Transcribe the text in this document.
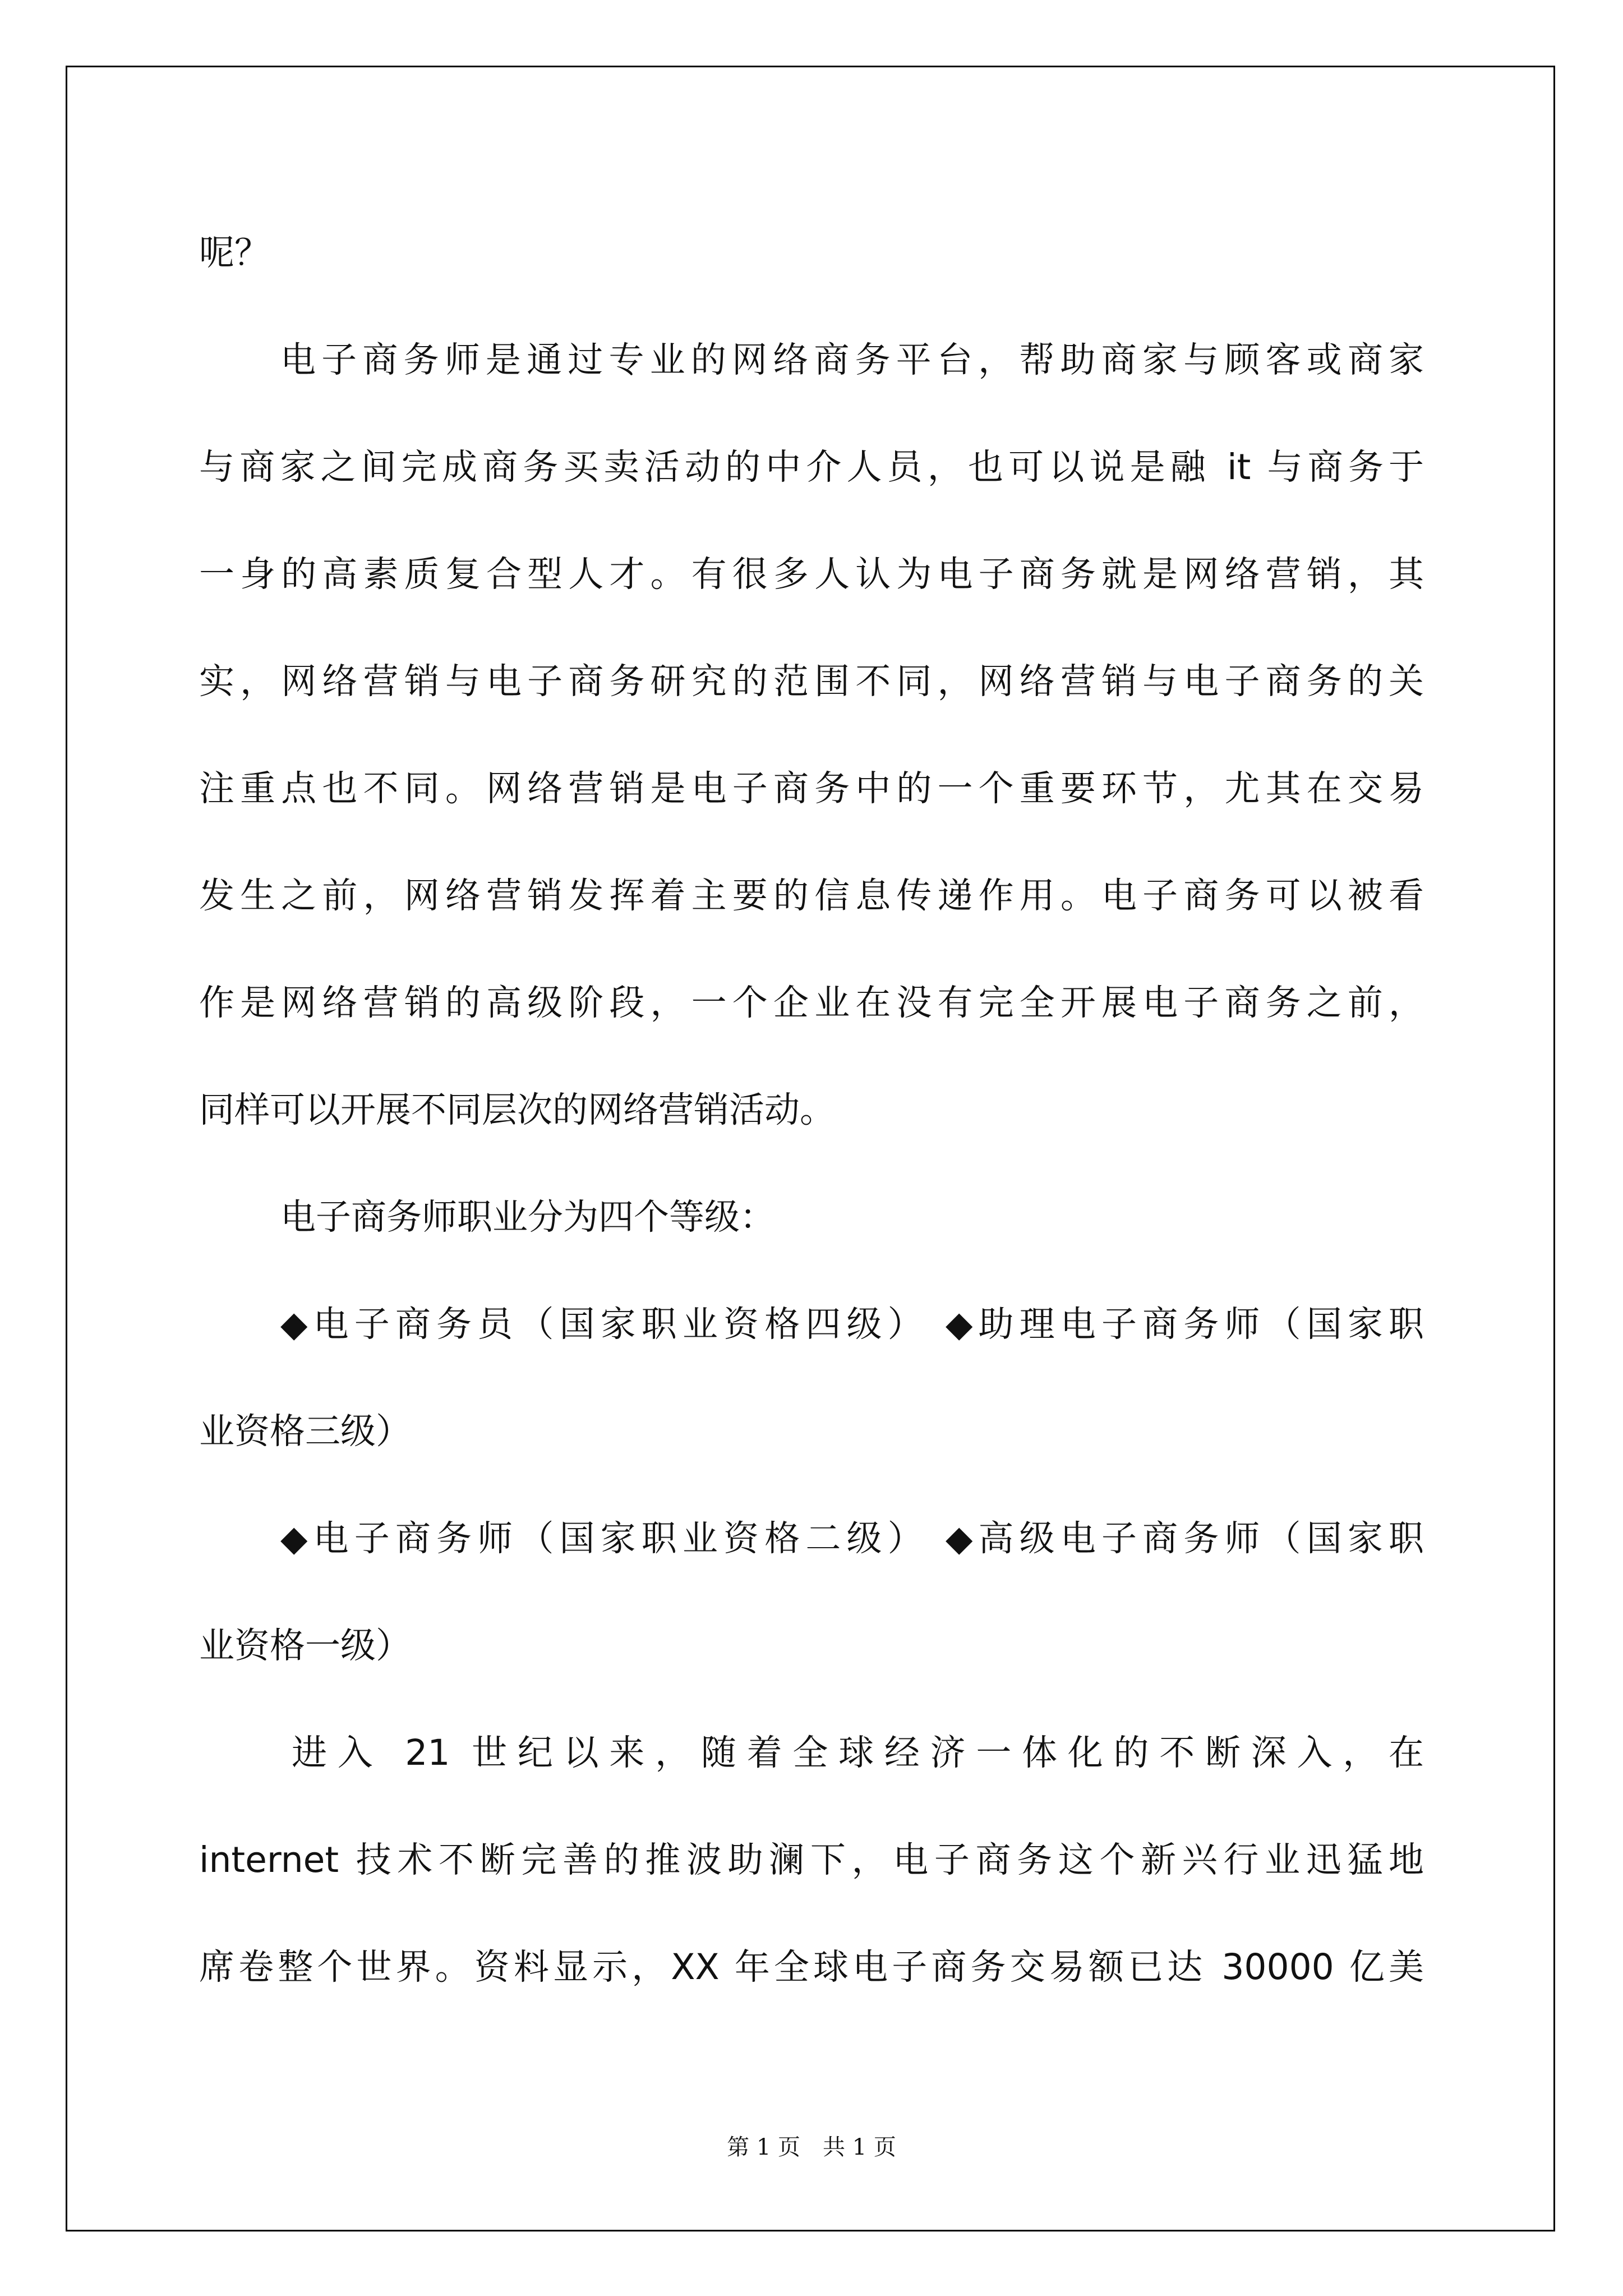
呢？
电子商务师是通过专业的网络商务平台，帮助商家与顾客或商家
与商家之间完成商务买卖活动的中介人员，也可以说是融 it 与商务于
一身的高素质复合型人才。有很多人认为电子商务就是网络营销，其
实，网络营销与电子商务研究的范围不同，网络营销与电子商务的关
注重点也不同。网络营销是电子商务中的一个重要环节，尤其在交易
发生之前，网络营销发挥着主要的信息传递作用。电子商务可以被看
作是网络营销的高级阶段，一个企业在没有完全开展电子商务之前，
同样可以开展不同层次的网络营销活动。
电子商务师职业分为四个等级：
◆电子商务员（国家职业资格四级） ◆助理电子商务师（国家职
业资格三级）
◆电子商务师（国家职业资格二级） ◆高级电子商务师（国家职
业资格一级）
进入 21 世纪以来，随着全球经济一体化的不断深入，在
internet 技术不断完善的推波助澜下，电子商务这个新兴行业迅猛地
席卷整个世界。资料显示，XX 年全球电子商务交易额已达 30000 亿美
第 1 页　共 1 页
